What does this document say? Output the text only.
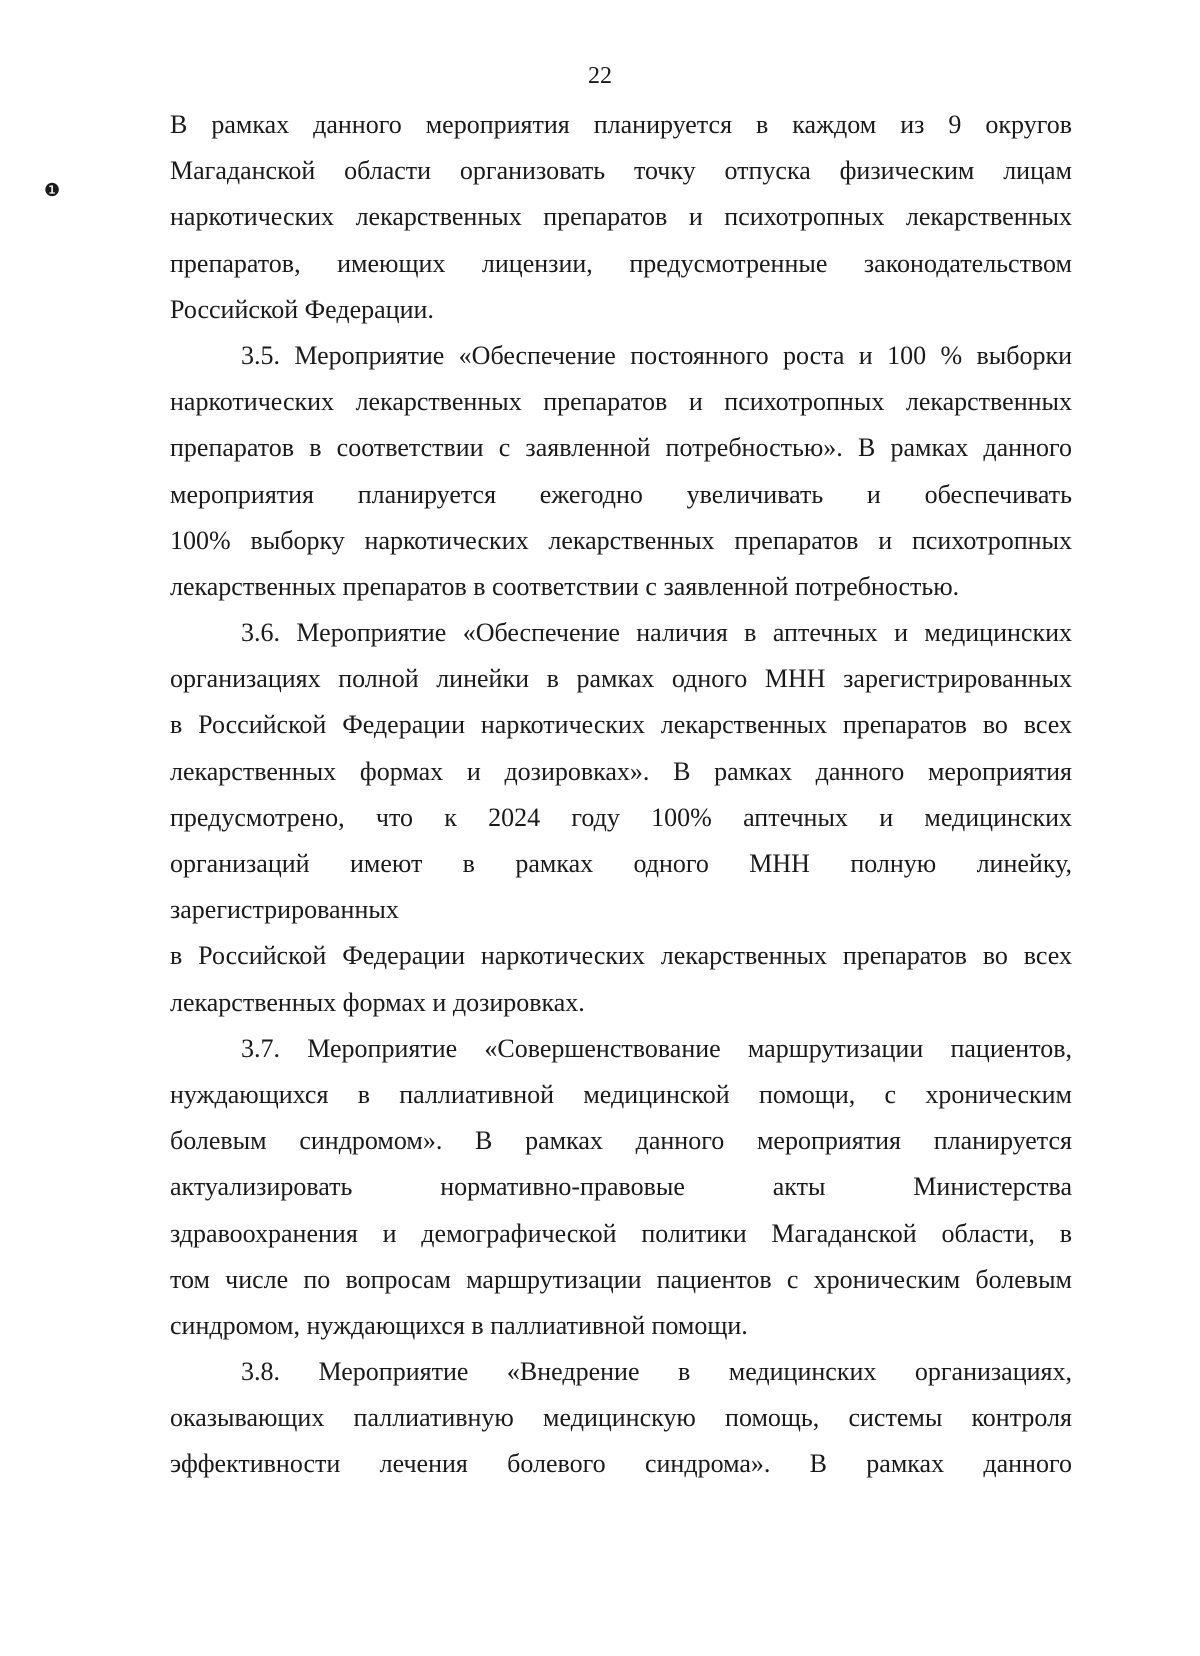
22
❶
В рамках данного мероприятия планируется в каждом из 9 округов
Магаданской области организовать точку отпуска физическим лицам
наркотических лекарственных препаратов и психотропных лекарственных
препаратов, имеющих лицензии, предусмотренные законодательством
Российской Федерации.
3.5. Мероприятие «Обеспечение постоянного роста и 100 % выборки
наркотических лекарственных препаратов и психотропных лекарственных
препаратов в соответствии с заявленной потребностью». В рамках данного
мероприятия планируется ежегодно увеличивать и обеспечивать
100% выборку наркотических лекарственных препаратов и психотропных
лекарственных препаратов в соответствии с заявленной потребностью.
3.6. Мероприятие «Обеспечение наличия в аптечных и медицинских
организациях полной линейки в рамках одного МНН зарегистрированных
в Российской Федерации наркотических лекарственных препаратов во всех
лекарственных формах и дозировках». В рамках данного мероприятия
предусмотрено, что к 2024 году 100% аптечных и медицинских
организаций имеют в рамках одного МНН полную линейку,
зарегистрированных
в Российской Федерации наркотических лекарственных препаратов во всех
лекарственных формах и дозировках.
3.7. Мероприятие «Совершенствование маршрутизации пациентов,
нуждающихся в паллиативной медицинской помощи, с хроническим
болевым синдромом». В рамках данного мероприятия планируется
актуализировать нормативно-правовые акты Министерства
здравоохранения и демографической политики Магаданской области, в
том числе по вопросам маршрутизации пациентов с хроническим болевым
синдромом, нуждающихся в паллиативной помощи.
3.8. Мероприятие «Внедрение в медицинских организациях,
оказывающих паллиативную медицинскую помощь, системы контроля
эффективности лечения болевого синдрома». В рамках данного
